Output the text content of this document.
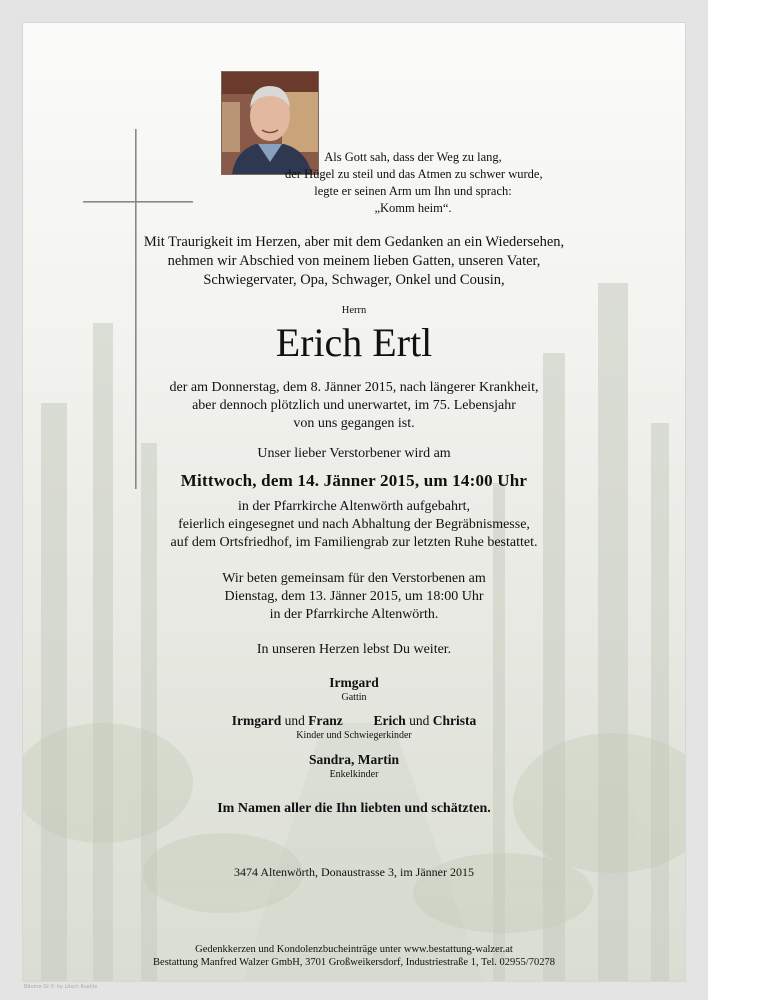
Als Gott sah, dass der Weg zu lang,
der Hügel zu steil und das Atmen zu schwer wurde,
legte er seinen Arm um Ihn und sprach:
„Komm heim“.
Mit Traurigkeit im Herzen, aber mit dem Gedanken an ein Wiedersehen,
nehmen wir Abschied von meinem lieben Gatten, unseren Vater,
Schwiegervater, Opa, Schwager, Onkel und Cousin,
Herrn
Erich Ertl
der am Donnerstag, dem 8. Jänner 2015, nach längerer Krankheit,
aber dennoch plötzlich und unerwartet, im 75. Lebensjahr
von uns gegangen ist.
Unser lieber Verstorbener wird am
Mittwoch, dem 14. Jänner 2015, um 14:00 Uhr
in der Pfarrkirche Altenwörth aufgebahrt,
feierlich eingesegnet und nach Abhaltung der Begräbnismesse,
auf dem Ortsfriedhof, im Familiengrab zur letzten Ruhe bestattet.
Wir beten gemeinsam für den Verstorbenen am
Dienstag, dem 13. Jänner 2015, um 18:00 Uhr
in der Pfarrkirche Altenwörth.
In unseren Herzen lebst Du weiter.
Irmgard
Gattin
Irmgard und Franz Erich und Christa
Kinder und Schwiegerkinder
Sandra, Martin
Enkelkinder
Im Namen aller die Ihn liebten und schätzten.
3474 Altenwörth, Donaustrasse 3, im Jänner 2015
Gedenkkerzen und Kondolenzbucheinträge unter www.bestattung-walzer.at
Bestattung Manfred Walzer GmbH, 3701 Großweikersdorf, Industriestraße 1, Tel. 02955/70278
Bäume Gr.© by Lösch Kuehle
